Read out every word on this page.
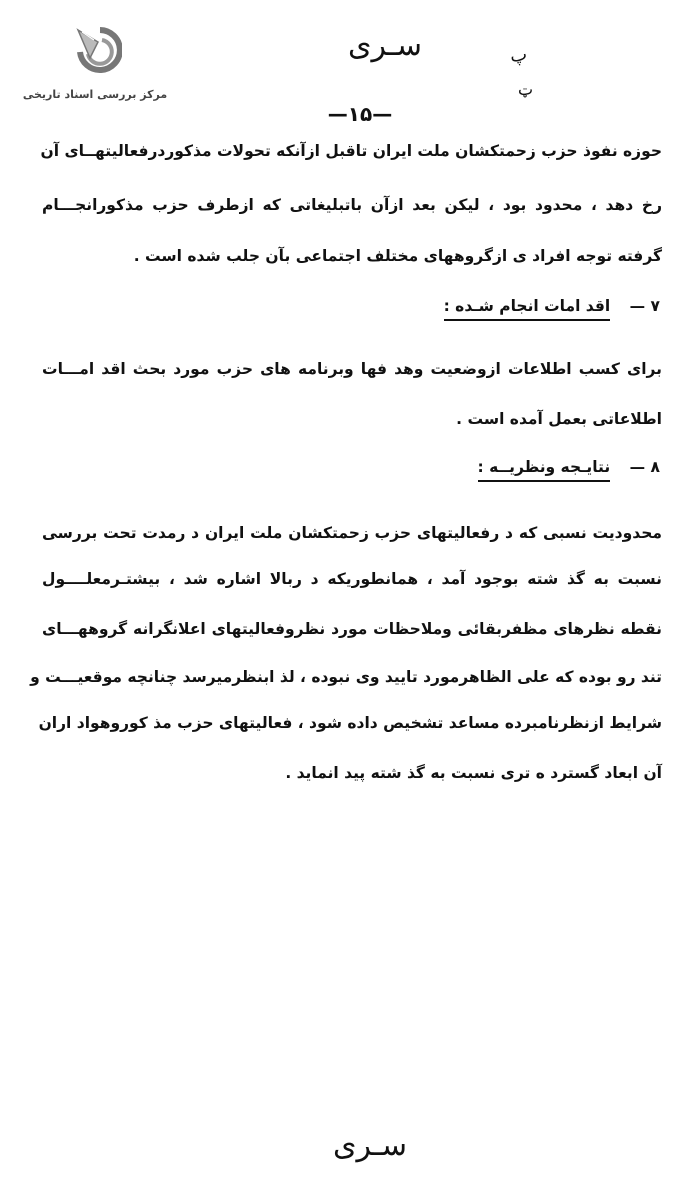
مرکز بررسی اسناد تاریخی
سـری	پ
ټ
—۱۵—
حوزه نفوذ حزب زحمتکشان ملت ایران تاقبل ازآنکه تحولات مذکوردرفعالیتهــای آن
رخ دهد ، محدود بود ، لیکن بعد ازآن باتبلیغاتی که ازطرف حزب مذکورانجـــام
گرفته توجه افراد ی ازگروههای مختلف اجتماعی بآن جلب شده است .
۷ — اقد امات انجام شـده :
برای کسب اطلاعات ازوضعیت وهد فها وبرنامه های حزب مورد بحث اقد امـــات
اطلاعاتی بعمل آمده است .
۸ — نتایـجه ونظریــه :
محدودیت نسبی که د رفعالیتهای حزب زحمتکشان ملت ایران د رمدت تحت بررسی
نسبت به گذ شته بوجود آمد ، همانطوریکه د ربالا اشاره شد ، بیشتـرمعلــــول
نقطه نظرهای مظفربقائی وملاحظات مورد نظروفعالیتهای اعلانگرانه گروههـــای
تند رو بوده که علی الظاهرمورد تایید وی نبوده ، لذ ابنظرمیرسد چنانچه موقعیـــت و
شرایط ازنظرنامبرده مساعد تشخیص داده شود ، فعالیتهای حزب مذ کوروهواد اران
آن ابعاد گسترد ه تری نسبت به گذ شته پید انماید .
سـری
